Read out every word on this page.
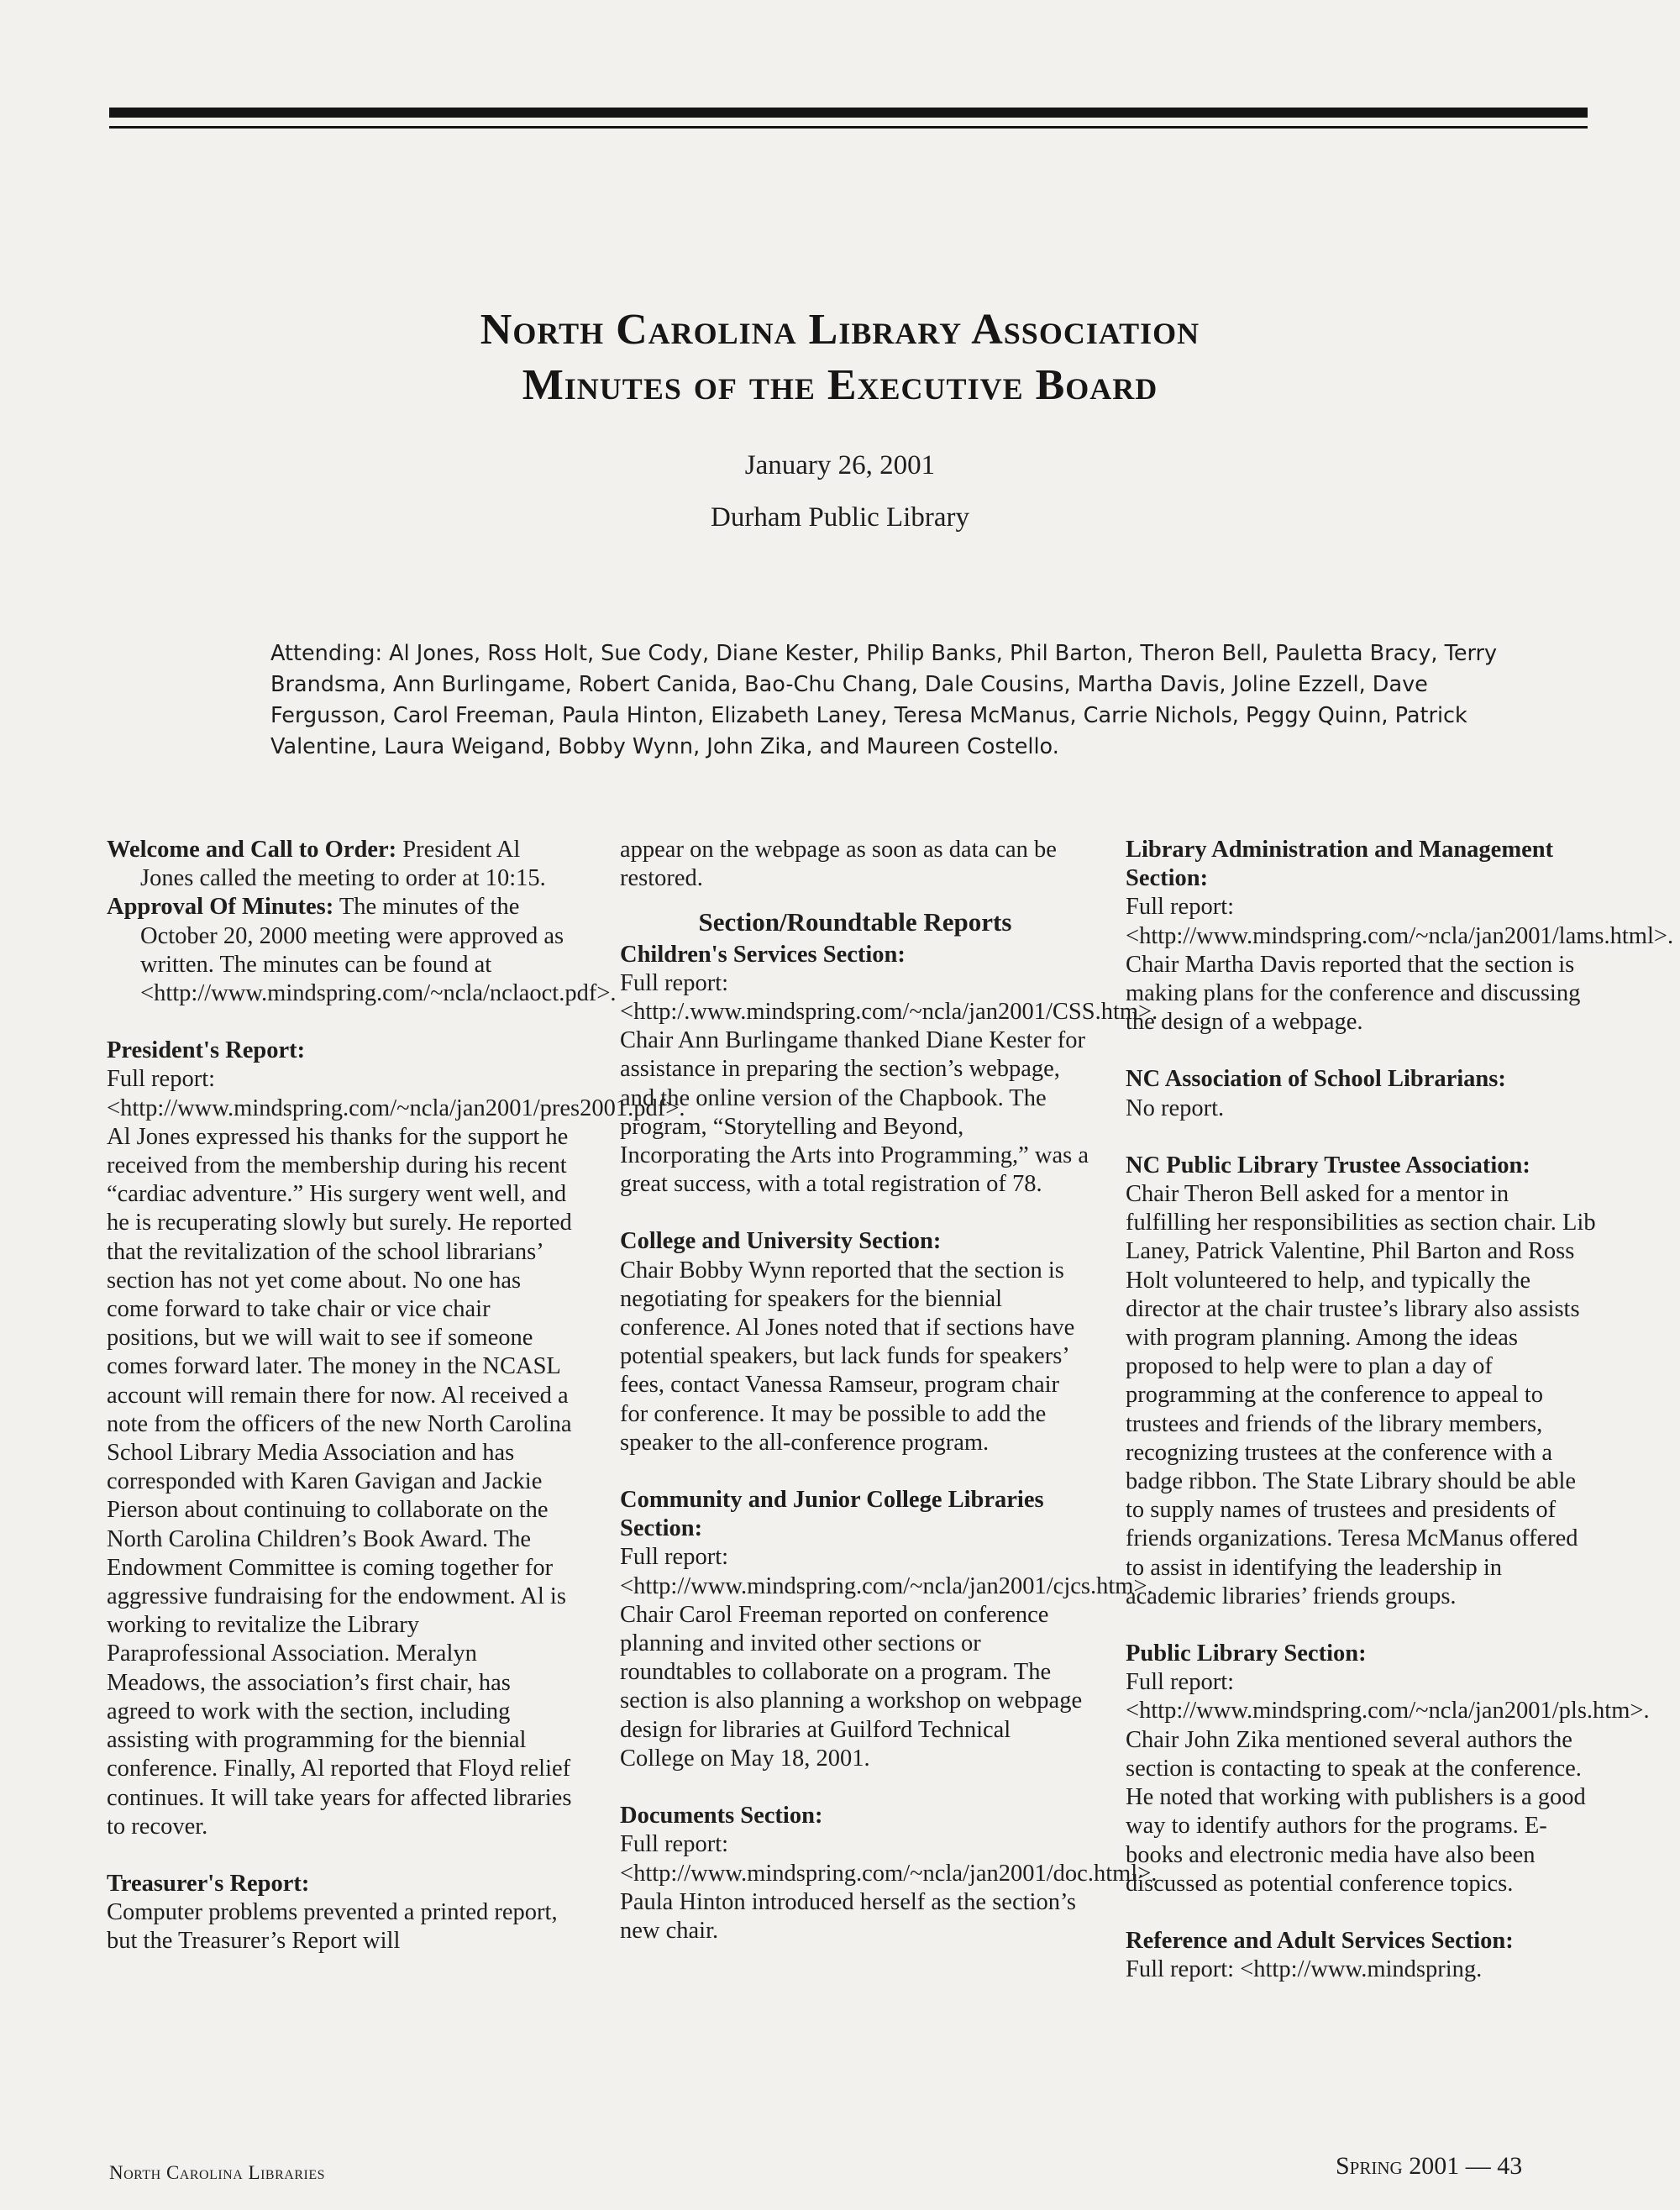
North Carolina Library Association

Minutes of the Executive Board

January 26, 2001

Durham Public Library

Attending: Al Jones, Ross Holt, Sue Cody, Diane Kester, Philip Banks, Phil Barton, Theron Bell, Pauletta Bracy, Terry Brandsma, Ann Burlingame, Robert Canida, Bao-Chu Chang, Dale Cousins, Martha Davis, Joline Ezzell, Dave Fergusson, Carol Freeman, Paula Hinton, Elizabeth Laney, Teresa McManus, Carrie Nichols, Peggy Quinn, Patrick Valentine, Laura Weigand, Bobby Wynn, John Zika, and Maureen Costello.

Welcome and Call to Order: President Al Jones called the meeting to order at 10:15.

Approval Of Minutes: The minutes of the October 20, 2000 meeting were approved as written. The minutes can be found at <http://www.mindspring.com/~ncla/nclaoct.pdf>.

President's Report:
Full report: <http://www.mindspring.com/~ncla/jan2001/pres2001.pdf>. Al Jones expressed his thanks for the support he received from the membership during his recent “cardiac adventure.” His surgery went well, and he is recuperating slowly but surely. He reported that the revitalization of the school librarians’ section has not yet come about. No one has come forward to take chair or vice chair positions, but we will wait to see if someone comes forward later. The money in the NCASL account will remain there for now. Al received a note from the officers of the new North Carolina School Library Media Association and has corresponded with Karen Gavigan and Jackie Pierson about continuing to collaborate on the North Carolina Children’s Book Award. The Endowment Committee is coming together for aggressive fundraising for the endowment. Al is working to revitalize the Library Paraprofessional Association. Meralyn Meadows, the association’s first chair, has agreed to work with the section, including assisting with programming for the biennial conference. Finally, Al reported that Floyd relief continues. It will take years for affected libraries to recover.
Treasurer's Report:
Computer problems prevented a printed report, but the Treasurer’s Report will
appear on the webpage as soon as data can be restored.
Section/Roundtable Reports
Children's Services Section:
Full report: <http:/.www.mindspring.com/~ncla/jan2001/CSS.htm>. Chair Ann Burlingame thanked Diane Kester for assistance in preparing the section’s webpage, and the online version of the Chapbook. The program, “Storytelling and Beyond, Incorporating the Arts into Programming,” was a great success, with a total registration of 78.
College and University Section:
Chair Bobby Wynn reported that the section is negotiating for speakers for the biennial conference. Al Jones noted that if sections have potential speakers, but lack funds for speakers’ fees, contact Vanessa Ramseur, program chair for conference. It may be possible to add the speaker to the all-conference program.
Community and Junior College Libraries Section:
Full report: <http://www.mindspring.com/~ncla/jan2001/cjcs.htm>. Chair Carol Freeman reported on conference planning and invited other sections or roundtables to collaborate on a program. The section is also planning a workshop on webpage design for libraries at Guilford Technical College on May 18, 2001.
Documents Section:
Full report: <http://www.mindspring.com/~ncla/jan2001/doc.html>. Paula Hinton introduced herself as the section’s new chair.
Library Administration and Management Section:
Full report: <http://www.mindspring.com/~ncla/jan2001/lams.html>. Chair Martha Davis reported that the section is making plans for the conference and discussing the design of a webpage.
NC Association of School Librarians:
No report.
NC Public Library Trustee Association:
Chair Theron Bell asked for a mentor in fulfilling her responsibilities as section chair. Lib Laney, Patrick Valentine, Phil Barton and Ross Holt volunteered to help, and typically the director at the chair trustee’s library also assists with program planning. Among the ideas proposed to help were to plan a day of programming at the conference to appeal to trustees and friends of the library members, recognizing trustees at the conference with a badge ribbon. The State Library should be able to supply names of trustees and presidents of friends organizations. Teresa McManus offered to assist in identifying the leadership in academic libraries’ friends groups.
Public Library Section:
Full report: <http://www.mindspring.com/~ncla/jan2001/pls.htm>. Chair John Zika mentioned several authors the section is contacting to speak at the conference. He noted that working with publishers is a good way to identify authors for the programs. E-books and electronic media have also been discussed as potential conference topics.
Reference and Adult Services Section:
Full report: <http://www.mindspring.
North Carolina Libraries	Spring 2001 — 43
